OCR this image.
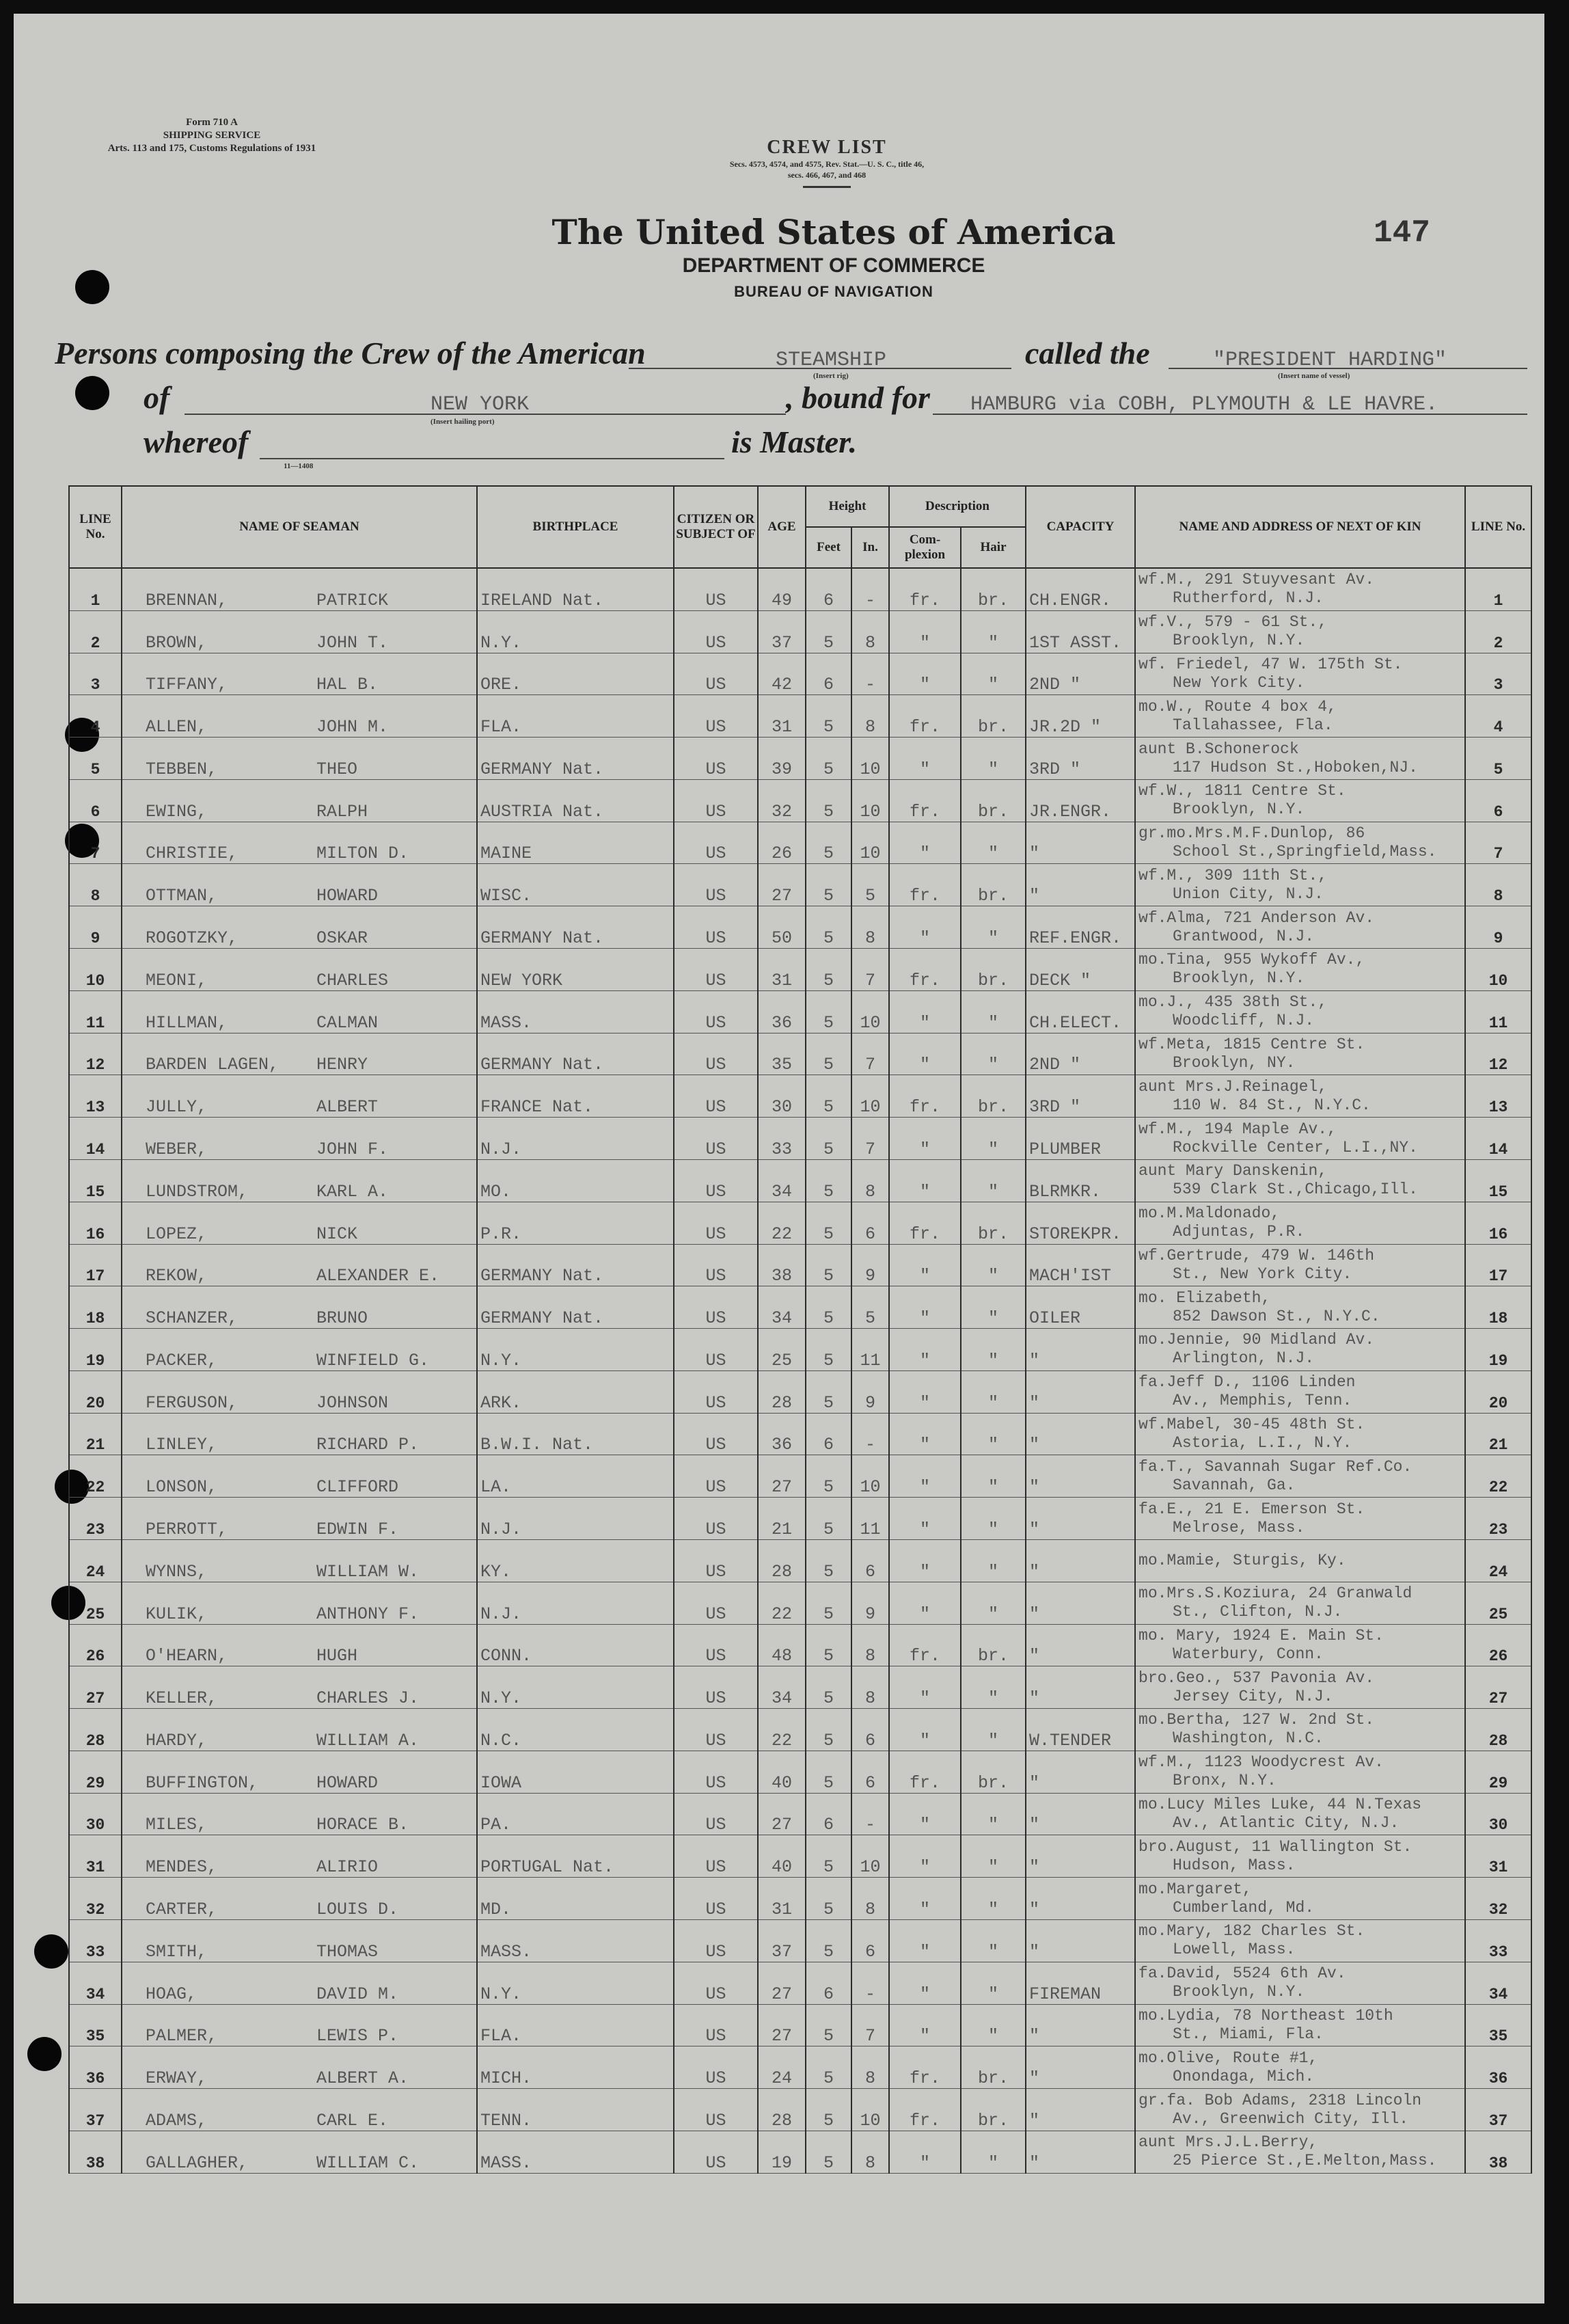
Form 710 A
SHIPPING SERVICE
Arts. 113 and 175, Customs Regulations of 1931	CREW LIST
Secs. 4573, 4574, and 4575, Rev. Stat.—U. S. C., title 46,
secs. 466, 467, and 468
The United States of America
DEPARTMENT OF COMMERCE
BUREAU OF NAVIGATION
147
Persons composing the Crew of the American	STEAMSHIP
(Insert rig)
called the	"PRESIDENT HARDING"
(Insert name of vessel)
of	NEW YORK
(Insert hailing port)
, bound for HAMBURG via COBH, PLYMOUTH & LE HAVRE.
whereof
11—1408
is Master.
LINE No.	NAME OF SEAMAN	BIRTHPLACE	CITIZEN OR SUBJECT OF	AGE	Height		Description		CAPACITY	NAME AND ADDRESS OF NEXT OF KIN	LINE No.
					Feet	In.	Com-plexion	Hair			
1	BRENNAN, PATRICK	IRELAND Nat.	US	49	6	-	fr.	br.	CH.ENGR.	wf.M., 291 Stuyvesant Av.
Rutherford, N.J.	1
2	BROWN, JOHN T.	N.Y.	US	37	5	8	"	"	1ST ASST.	wf.V., 579 - 61 St.,
Brooklyn, N.Y.	2
3	TIFFANY, HAL B.	ORE.	US	42	6	-	"	"	2ND "	wf. Friedel, 47 W. 175th St.
New York City.	3
4	ALLEN, JOHN M.	FLA.	US	31	5	8	fr.	br.	JR.2D "	mo.W., Route 4 box 4,
Tallahassee, Fla.	4
5	TEBBEN, THEO	GERMANY Nat.	US	39	5	10	"	"	3RD "	aunt B.Schonerock
117 Hudson St.,Hoboken,NJ.	5
6	EWING, RALPH	AUSTRIA Nat.	US	32	5	10	fr.	br.	JR.ENGR.	wf.W., 1811 Centre St.
Brooklyn, N.Y.	6
7	CHRISTIE, MILTON D.	MAINE	US	26	5	10	"	"	"	gr.mo.Mrs.M.F.Dunlop, 86
School St.,Springfield,Mass.	7
8	OTTMAN, HOWARD	WISC.	US	27	5	5	fr.	br.	"	wf.M., 309 11th St.,
Union City, N.J.	8
9	ROGOTZKY, OSKAR	GERMANY Nat.	US	50	5	8	"	"	REF.ENGR.	wf.Alma, 721 Anderson Av.
Grantwood, N.J.	9
10	MEONI, CHARLES	NEW YORK	US	31	5	7	fr.	br.	DECK "	mo.Tina, 955 Wykoff Av.,
Brooklyn, N.Y.	10
11	HILLMAN, CALMAN	MASS.	US	36	5	10	"	"	CH.ELECT.	mo.J., 435 38th St.,
Woodcliff, N.J.	11
12	BARDEN LAGEN, HENRY	GERMANY Nat.	US	35	5	7	"	"	2ND "	wf.Meta, 1815 Centre St.
Brooklyn, NY.	12
13	JULLY, ALBERT	FRANCE Nat.	US	30	5	10	fr.	br.	3RD "	aunt Mrs.J.Reinagel,
110 W. 84 St., N.Y.C.	13
14	WEBER, JOHN F.	N.J.	US	33	5	7	"	"	PLUMBER	wf.M., 194 Maple Av.,
Rockville Center, L.I.,NY.	14
15	LUNDSTROM, KARL A.	MO.	US	34	5	8	"	"	BLRMKR.	aunt Mary Danskenin,
539 Clark St.,Chicago,Ill.	15
16	LOPEZ, NICK	P.R.	US	22	5	6	fr.	br.	STOREKPR.	mo.M.Maldonado,
Adjuntas, P.R.	16
17	REKOW, ALEXANDER E.	GERMANY Nat.	US	38	5	9	"	"	MACH'IST	wf.Gertrude, 479 W. 146th
St., New York City.	17
18	SCHANZER, BRUNO	GERMANY Nat.	US	34	5	5	"	"	OILER	mo. Elizabeth,
852 Dawson St., N.Y.C.	18
19	PACKER, WINFIELD G.	N.Y.	US	25	5	11	"	"	"	mo.Jennie, 90 Midland Av.
Arlington, N.J.	19
20	FERGUSON, JOHNSON	ARK.	US	28	5	9	"	"	"	fa.Jeff D., 1106 Linden
Av., Memphis, Tenn.	20
21	LINLEY, RICHARD P.	B.W.I. Nat.	US	36	6	-	"	"	"	wf.Mabel, 30-45 48th St.
Astoria, L.I., N.Y.	21
22	LONSON, CLIFFORD	LA.	US	27	5	10	"	"	"	fa.T., Savannah Sugar Ref.Co.
Savannah, Ga.	22
23	PERROTT, EDWIN F.	N.J.	US	21	5	11	"	"	"	fa.E., 21 E. Emerson St.
Melrose, Mass.	23
24	WYNNS, WILLIAM W.	KY.	US	28	5	6	"	"	"	mo.Mamie, Sturgis, Ky.	24
25	KULIK, ANTHONY F.	N.J.	US	22	5	9	"	"	"	mo.Mrs.S.Koziura, 24 Granwald
St., Clifton, N.J.	25
26	O'HEARN, HUGH	CONN.	US	48	5	8	fr.	br.	"	mo. Mary, 1924 E. Main St.
Waterbury, Conn.	26
27	KELLER, CHARLES J.	N.Y.	US	34	5	8	"	"	"	bro.Geo., 537 Pavonia Av.
Jersey City, N.J.	27
28	HARDY, WILLIAM A.	N.C.	US	22	5	6	"	"	W.TENDER	mo.Bertha, 127 W. 2nd St.
Washington, N.C.	28
29	BUFFINGTON, HOWARD	IOWA	US	40	5	6	fr.	br.	"	wf.M., 1123 Woodycrest Av.
Bronx, N.Y.	29
30	MILES, HORACE B.	PA.	US	27	6	-	"	"	"	mo.Lucy Miles Luke, 44 N.Texas
Av., Atlantic City, N.J.	30
31	MENDES, ALIRIO	PORTUGAL Nat.	US	40	5	10	"	"	"	bro.August, 11 Wallington St.
Hudson, Mass.	31
32	CARTER, LOUIS D.	MD.	US	31	5	8	"	"	"	mo.Margaret,
Cumberland, Md.	32
33	SMITH, THOMAS	MASS.	US	37	5	6	"	"	"	mo.Mary, 182 Charles St.
Lowell, Mass.	33
34	HOAG, DAVID M.	N.Y.	US	27	6	-	"	"	FIREMAN	fa.David, 5524 6th Av.
Brooklyn, N.Y.	34
35	PALMER, LEWIS P.	FLA.	US	27	5	7	"	"	"	mo.Lydia, 78 Northeast 10th
St., Miami, Fla.	35
36	ERWAY, ALBERT A.	MICH.	US	24	5	8	fr.	br.	"	mo.Olive, Route #1,
Onondaga, Mich.	36
37	ADAMS, CARL E.	TENN.	US	28	5	10	fr.	br.	"	gr.fa. Bob Adams, 2318 Lincoln
Av., Greenwich City, Ill.	37
38	GALLAGHER, WILLIAM C.	MASS.	US	19	5	8	"	"	"	aunt Mrs.J.L.Berry,
25 Pierce St.,E.Melton,Mass.	38
